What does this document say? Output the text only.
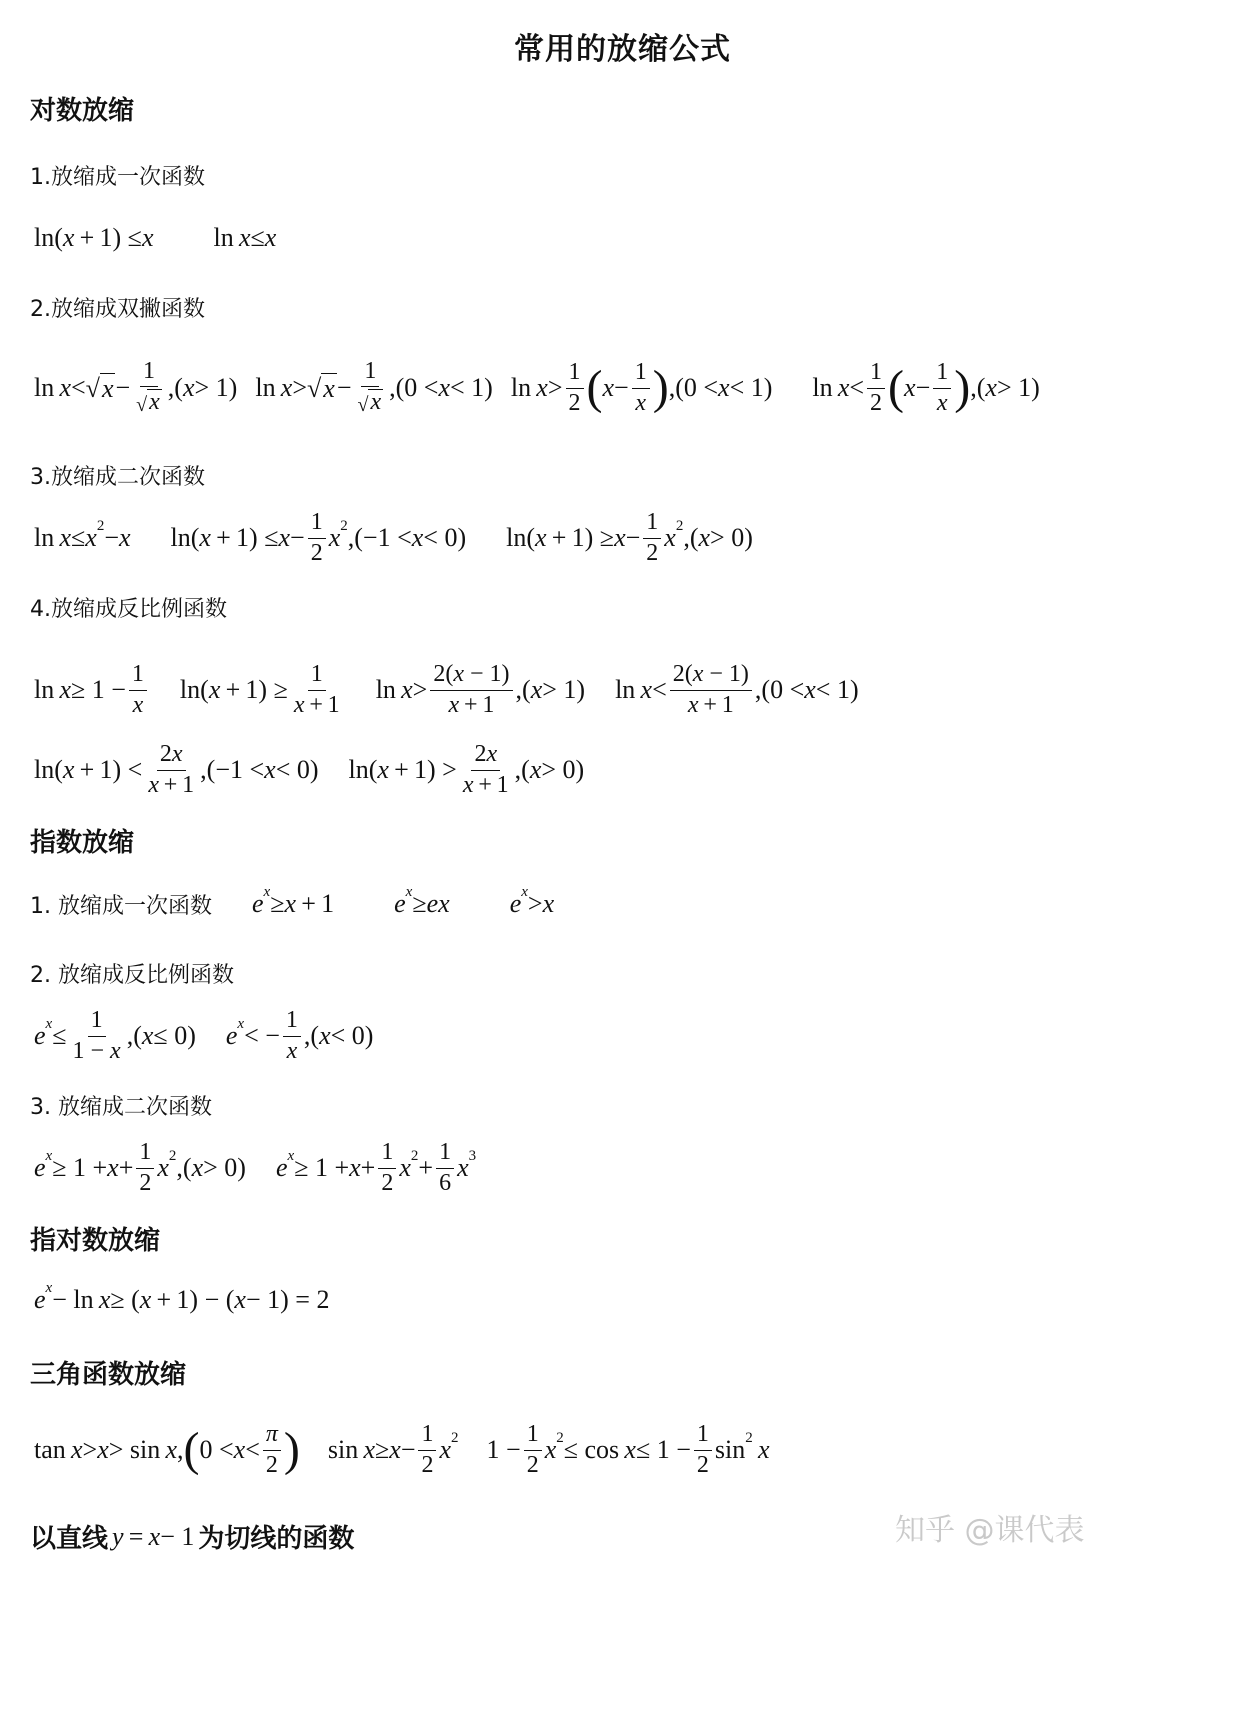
常用的放缩公式
对数放缩
1.放缩成一次函数
ln( x  + 1) ≤ x ln  x ≤ x
2.放缩成双撇函数
ln  x < √ $x - \frac{1}{√ x}$ ,( x > 1)
ln  x > √ $x - \frac{1}{√ x} ,(0 < x < 1)$
$\ln x > \frac{1}{2}$ ( $x - \frac{1}{x}$ ) ,(0 < x < 1)
$\ln x < \frac{1}{2}$ ( $x - \frac{1}{x}$ ) ,( x > 1)
3.放缩成二次函数
ln  x ≤ x 2 − x ln( $x + 1) \le x - \frac{1}{2}$ x 2 ,(−1 < x < 0)
ln( $x + 1) \ge x - \frac{1}{2}$ x 2 ,( x > 0)
4.放缩成反比例函数
$\ln x \ge 1 - \frac{1}{x} \ln$( $x + 1) \ge \frac{1}{x + 1}$ $\ln x > \frac{2(x - 1)}{x + 1}$ ,( x > 1)
$\ln x < \frac{2(x - 1)}{x + 1} ,(0 < x < 1)$
ln( $x + 1) < \frac{2x}{x + 1} ,(-1 < x < 0)$
ln( $x + 1) > \frac{2x}{x + 1}$ ,( x > 0)
指数放缩
1. 放缩成一次函数 e x ≥ x  + 1 e x ≥ ex e x > x
2. 放缩成反比例函数
e $x \le \frac{1}{1 - x}$ ,( x ≤ 0) e x < − $\frac{1}{x}$ ,( x < 0)
3. 放缩成二次函数
e $x \ge 1 + x + \frac{1}{2}$ x 2 ,( x > 0) e $x \ge 1 + x + \frac{1}{2}$ x $2 + \frac{1}{6}$ x 3
指对数放缩
e x − ln  x ≥ ( x  + 1) − ( x − 1) = 2
三角函数放缩
tan  x > x > sin  x , ( $0 < x < \frac{\pi}{2}$ ) $\sin x \ge x - \frac{1}{2}$ x 2 $1 - \frac{1}{2}$ x $2 \le \cos x \le 1 - \frac{1}{2}$ sin 2
  x
以直线 y  =  x − 1 为切线的函数	知乎 @课代表
